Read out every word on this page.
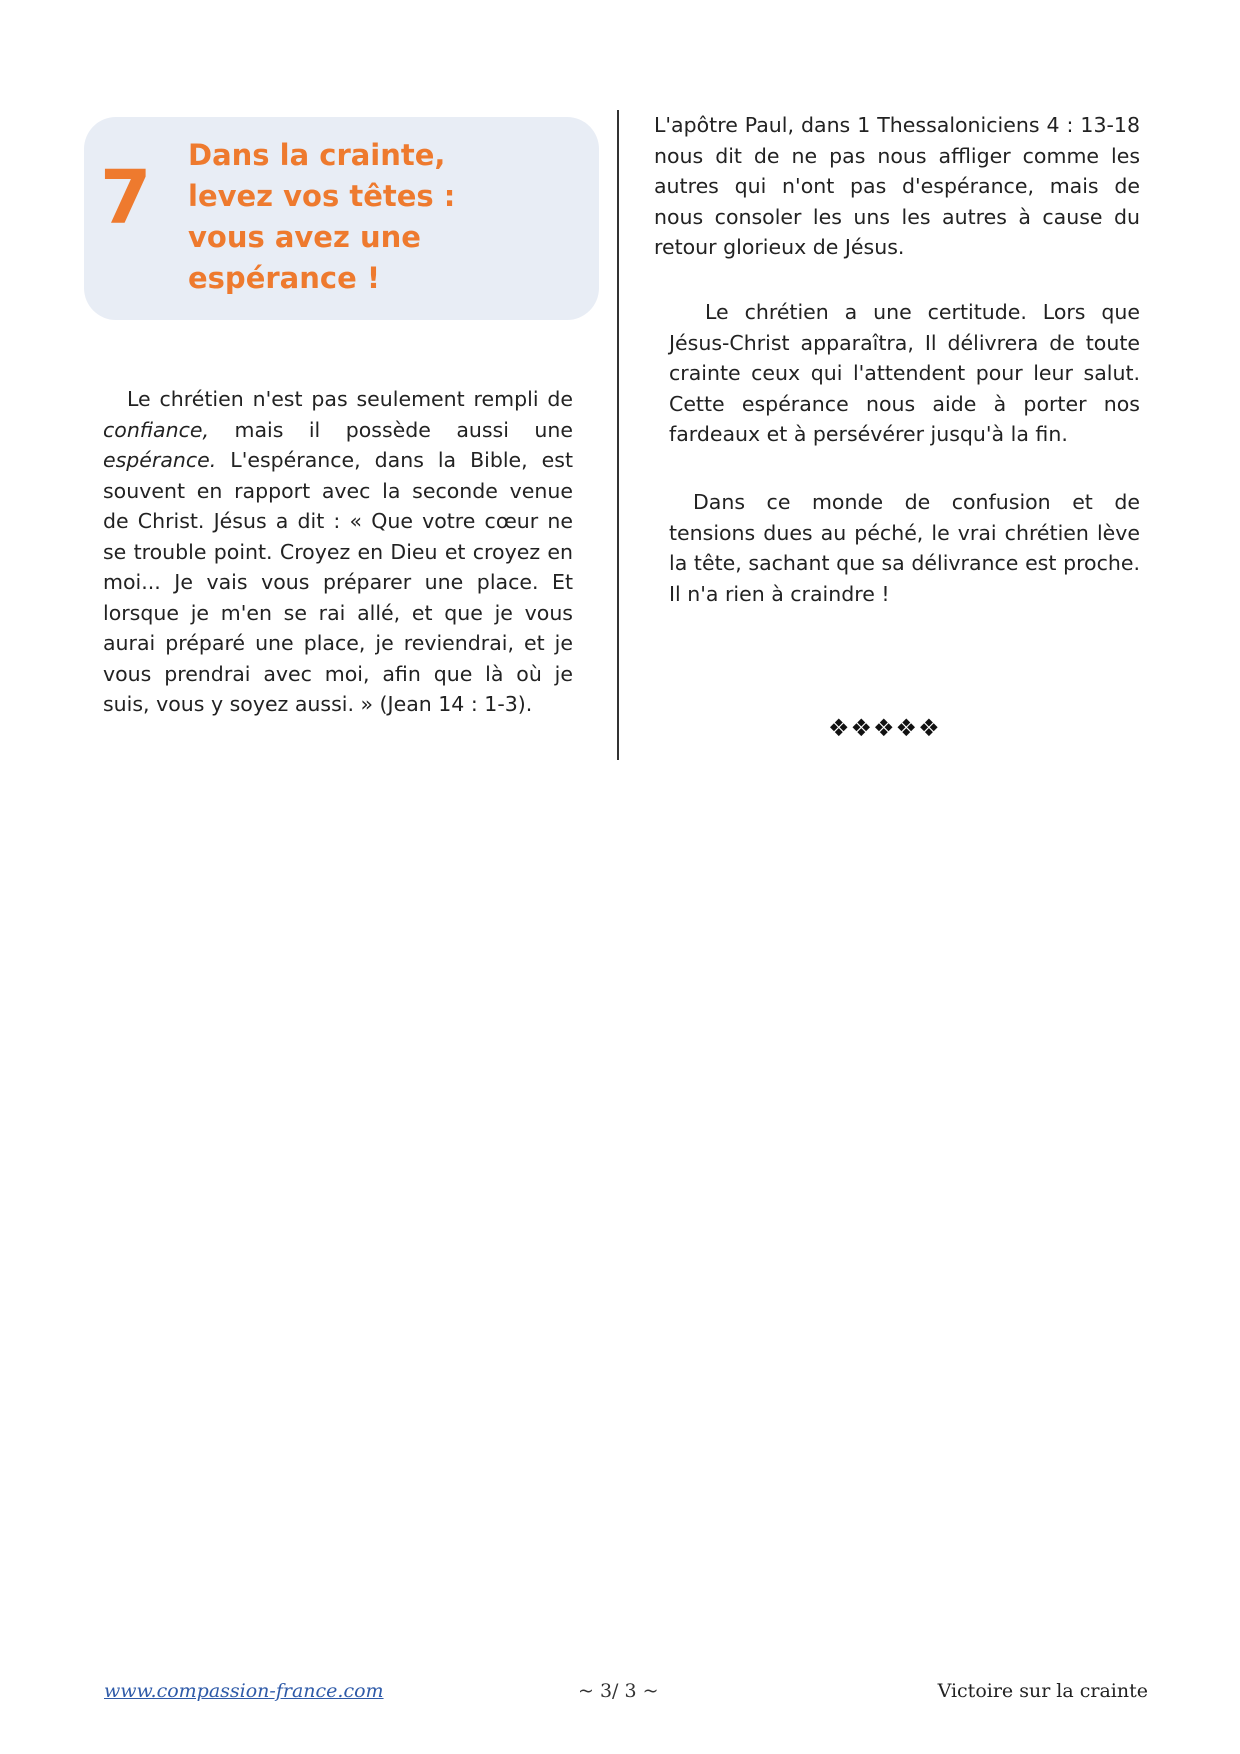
7 Dans la crainte,
levez vos têtes :
vous avez une
espérance !

Le chrétien n'est pas seulement rempli de confiance, mais il possède aussi une espérance. L'espérance, dans la Bible, est souvent en rapport avec la seconde venue de Christ. Jésus a dit : « Que votre cœur ne se trouble point. Croyez en Dieu et croyez en moi... Je vais vous préparer une place. Et lorsque je m'en se rai allé, et que je vous aurai préparé une place, je reviendrai, et je vous prendrai avec moi, afin que là où je suis, vous y soyez aussi. » (Jean 14 : 1-3).

L'apôtre Paul, dans 1 Thessaloniciens 4 : 13-18 nous dit de ne pas nous affliger comme les autres qui n'ont pas d'espérance, mais de nous consoler les uns les autres à cause du retour glorieux de Jésus.

Le chrétien a une certitude. Lors que Jésus-Christ apparaîtra, Il délivrera de toute crainte ceux qui l'attendent pour leur salut. Cette espérance nous aide à porter nos fardeaux et à persévérer jusqu'à la fin.

Dans ce monde de confusion et de tensions dues au péché, le vrai chrétien lève la tête, sachant que sa délivrance est proche. Il n'a rien à craindre !

❖❖❖❖❖
www.compassion-france.com	~ 3/ 3 ~	Victoire sur la crainte
